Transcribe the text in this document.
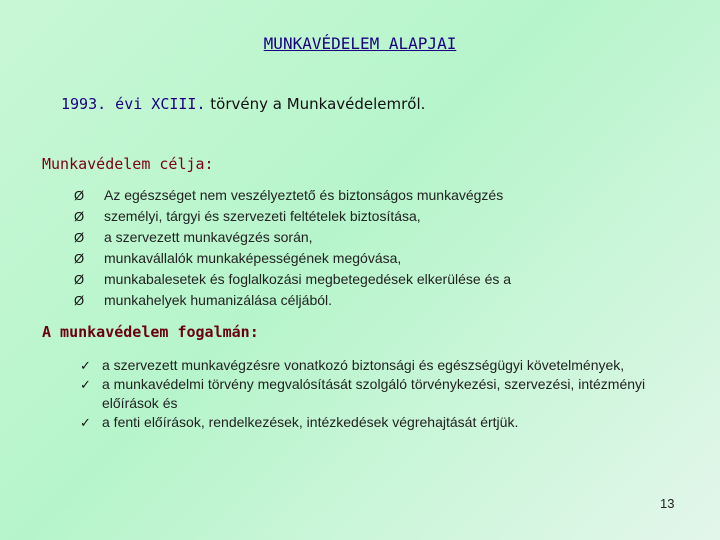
MUNKAVÉDELEM ALAPJAI
1993. évi XCIII. törvény a Munkavédelemről.
Munkavédelem célja:
Ø	Az egészséget nem veszélyeztető és biztonságos munkavégzés
Ø	személyi, tárgyi és szervezeti feltételek biztosítása,
Ø	a szervezett munkavégzés során,
Ø	munkavállalók munkaképességének megóvása,
Ø	munkabalesetek és foglalkozási megbetegedések elkerülése és a
Ø	munkahelyek humanizálása céljából.
A munkavédelem fogalmán:
✓ a szervezett munkavégzésre vonatkozó biztonsági és egészségügyi követelmények,
✓ a munkavédelmi törvény megvalósítását szolgáló törvénykezési, szervezési, intézményi előírások és
✓ a fenti előírások, rendelkezések, intézkedések végrehajtását értjük.
13
